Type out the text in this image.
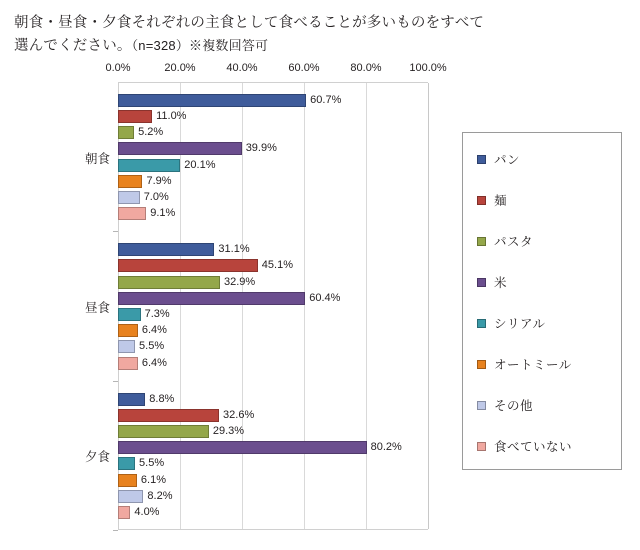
朝食・昼食・夕食それぞれの主食として食べることが多いものをすべて
選んでください。（n=328）※複数回答可
0.0%	20.0%	40.0%	60.0%	80.0%	100.0%
60.7%
11.0%
5.2%
39.9%
20.1%
7.9%
7.0%
9.1%
31.1%
45.1%
32.9%
60.4%
7.3%
6.4%
5.5%
6.4%
8.8%
32.6%
29.3%
80.2%
5.5%
6.1%
8.2%
4.0%
朝食
昼食
夕食
パン
麺
パスタ
米
シリアル
オートミール
その他
食べていない
